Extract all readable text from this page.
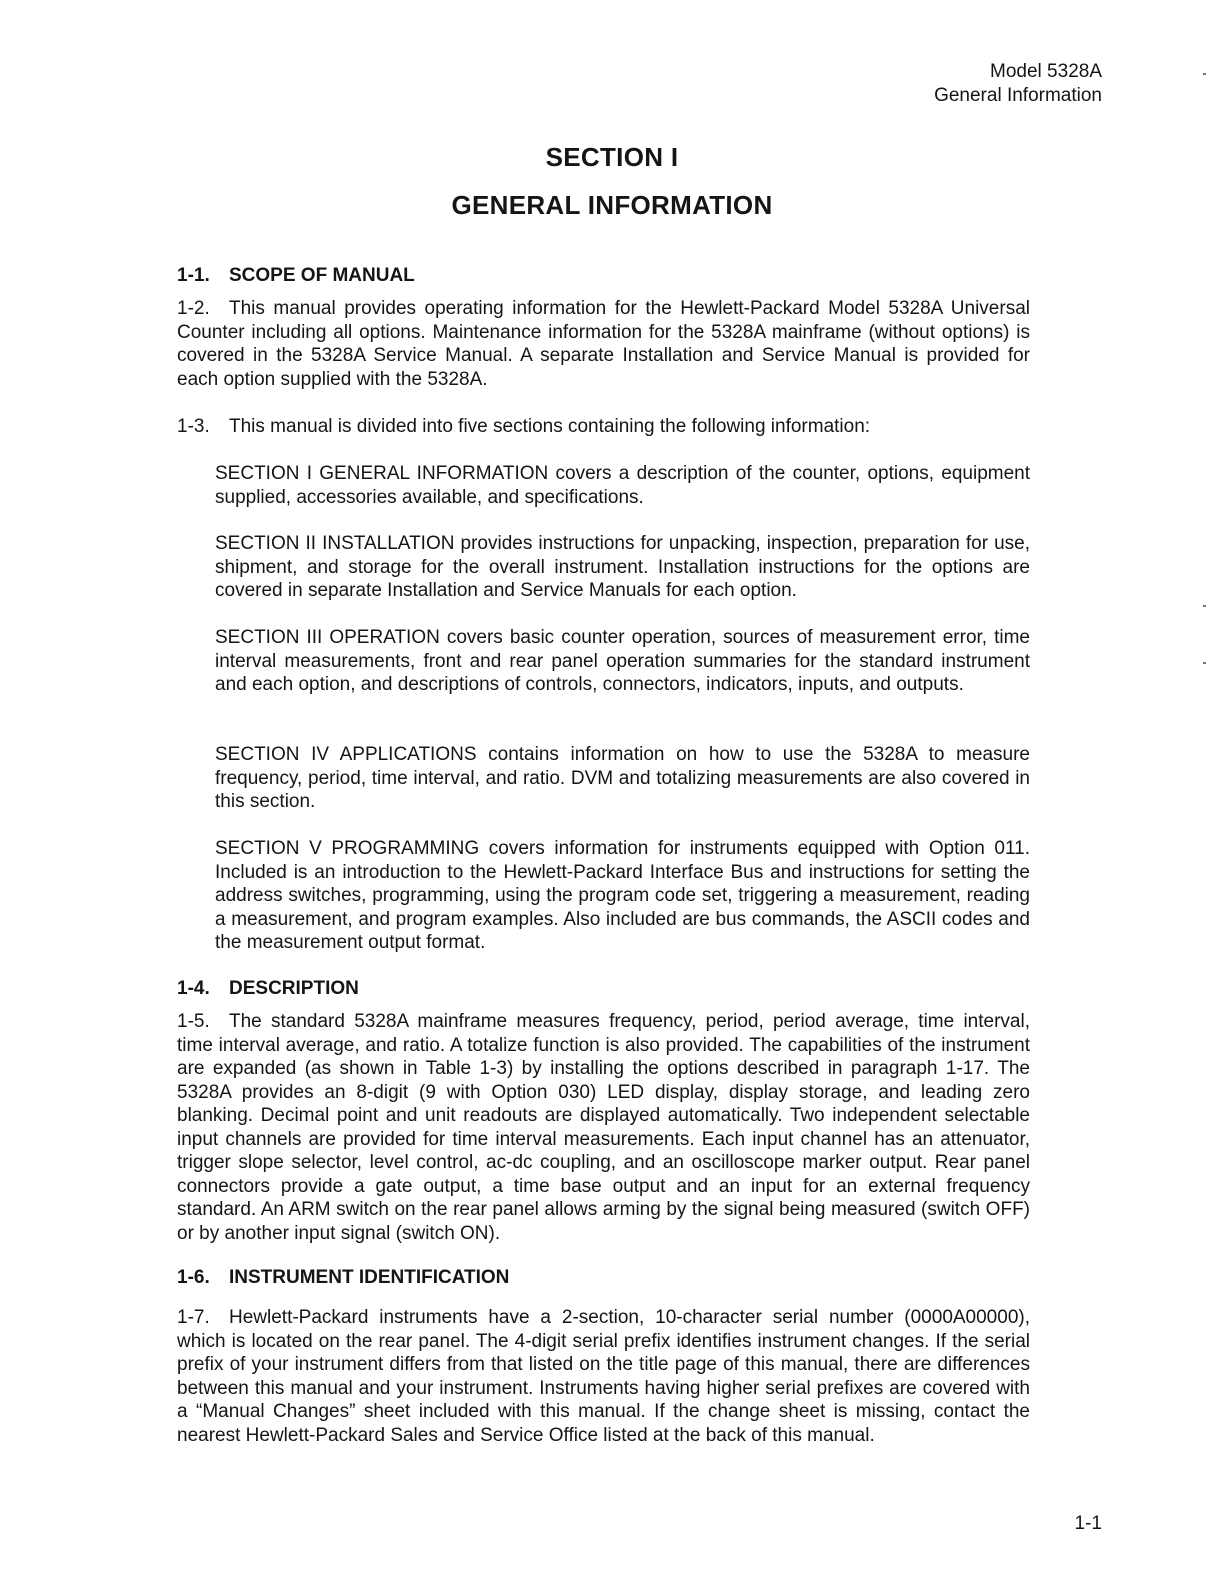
Model 5328A
General Information
SECTION I
GENERAL INFORMATION
1-1. SCOPE OF MANUAL

1-2. This manual provides operating information for the Hewlett-Packard Model 5328A Universal Counter including all options. Maintenance information for the 5328A mainframe (without options) is covered in the 5328A Service Manual. A separate Installation and Service Manual is provided for each option supplied with the 5328A.

1-3. This manual is divided into five sections containing the following information:

SECTION I GENERAL INFORMATION covers a description of the counter, options, equipment supplied, accessories available, and specifications.

SECTION II INSTALLATION provides instructions for unpacking, inspection, preparation for use, shipment, and storage for the overall instrument. Installation instructions for the options are covered in separate Installation and Service Manuals for each option.

SECTION III OPERATION covers basic counter operation, sources of measurement error, time interval measurements, front and rear panel operation summaries for the standard instrument and each option, and descriptions of controls, connectors, indicators, inputs, and outputs.

SECTION IV APPLICATIONS contains information on how to use the 5328A to measure frequency, period, time interval, and ratio. DVM and totalizing measurements are also covered in this section.

SECTION V PROGRAMMING covers information for instruments equipped with Option 011. Included is an introduction to the Hewlett-Packard Interface Bus and instructions for setting the address switches, programming, using the program code set, triggering a measurement, reading a measurement, and program examples. Also included are bus commands, the ASCII codes and the measurement output format.

1-4. DESCRIPTION

1-5. The standard 5328A mainframe measures frequency, period, period average, time interval, time interval average, and ratio. A totalize function is also provided. The capabilities of the instrument are expanded (as shown in Table 1-3) by installing the options described in paragraph 1-17. The 5328A provides an 8-digit (9 with Option 030) LED display, display storage, and leading zero blanking. Decimal point and unit readouts are displayed automatically. Two independent selectable input channels are provided for time interval measurements. Each input channel has an attenuator, trigger slope selector, level control, ac-dc coupling, and an oscilloscope marker output. Rear panel connectors provide a gate output, a time base output and an input for an external frequency standard. An ARM switch on the rear panel allows arming by the signal being measured (switch OFF) or by another input signal (switch ON).

1-6. INSTRUMENT IDENTIFICATION

1-7. Hewlett-Packard instruments have a 2-section, 10-character serial number (0000A00000), which is located on the rear panel. The 4-digit serial prefix identifies instrument changes. If the serial prefix of your instrument differs from that listed on the title page of this manual, there are differences between this manual and your instrument. Instruments having higher serial prefixes are covered with a “Manual Changes” sheet included with this manual. If the change sheet is missing, contact the nearest Hewlett-Packard Sales and Service Office listed at the back of this manual.

1-1
